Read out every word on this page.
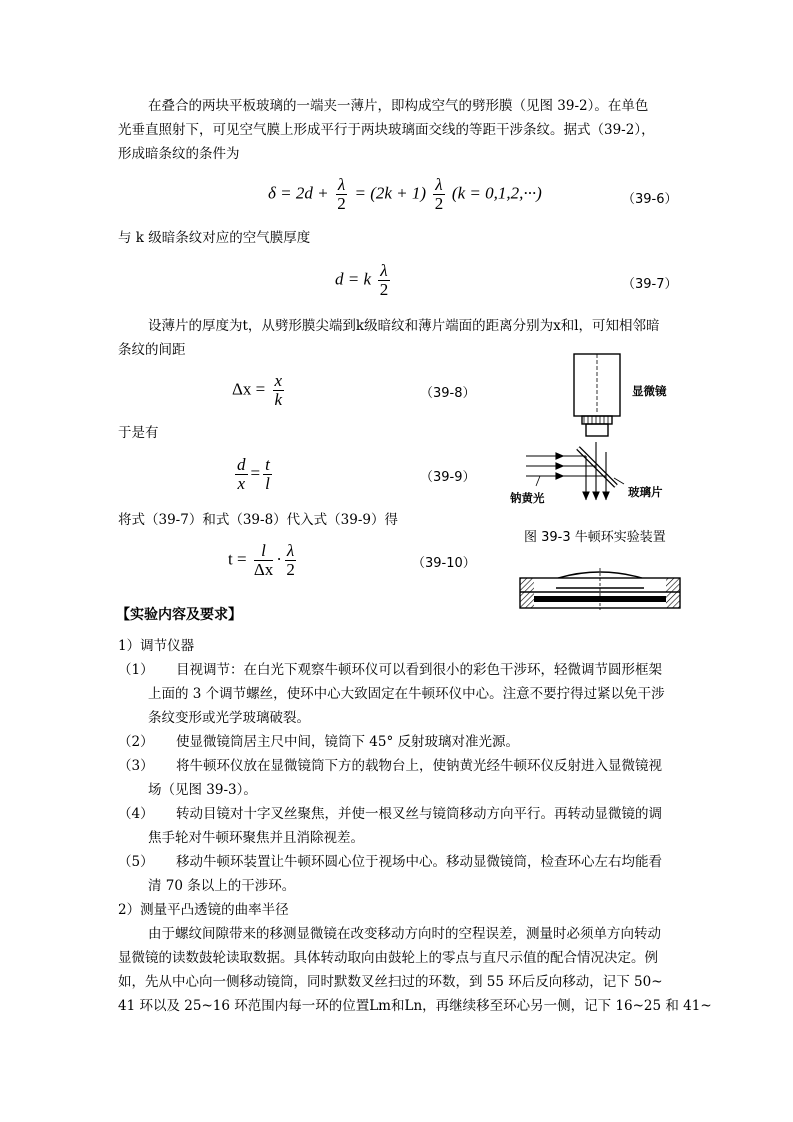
在叠合的两块平板玻璃的一端夹一薄片，即构成空气的劈形膜（见图 39-2）。在单色
光垂直照射下，可见空气膜上形成平行于两块玻璃面交线的等距干涉条纹。据式（39-2），
形成暗条纹的条件为
$\delta = 2d + \frac{\lambda}{2} = (2k + 1) \frac{\lambda}{2} (k = 0,1,2,\cdot\cdot\cdot)$	（39-6）
与 k 级暗条纹对应的空气膜厚度
d = k $\frac{\lambda}{2}$	（39-7）
设薄片的厚度为t，从劈形膜尖端到k级暗纹和薄片端面的距离分别为x和l，可知相邻暗
条纹的间距
$\Delta x = \frac{x}{k}$	（39-8）
于是有
$\frac{d}{x} = \frac{t}{l}$	（39-9）
将式（39-7）和式（39-8）代入式（39-9）得
$t = \frac{l}{\Delta x} \cdot \frac{\lambda}{2}$	（39-10）
显微镜
玻璃片
钠黄光
图 39-3 牛顿环实验装置
【实验内容及要求】
1）调节仪器
（1） 目视调节：在白光下观察牛顿环仪可以看到很小的彩色干涉环，轻微调节圆形框架
上面的 3 个调节螺丝，使环中心大致固定在牛顿环仪中心。注意不要拧得过紧以免干涉
条纹变形或光学玻璃破裂。
（2） 使显微镜筒居主尺中间，镜筒下 45° 反射玻璃对准光源。
（3） 将牛顿环仪放在显微镜筒下方的载物台上，使钠黄光经牛顿环仪反射进入显微镜视
场（见图 39-3）。
（4） 转动目镜对十字叉丝聚焦，并使一根叉丝与镜筒移动方向平行。再转动显微镜的调
焦手轮对牛顿环聚焦并且消除视差。
（5） 移动牛顿环装置让牛顿环圆心位于视场中心。移动显微镜筒，检查环心左右均能看
清 70 条以上的干涉环。
2）测量平凸透镜的曲率半径
由于螺纹间隙带来的移测显微镜在改变移动方向时的空程误差，测量时必须单方向转动
显微镜的读数鼓轮读取数据。具体转动取向由鼓轮上的零点与直尺示值的配合情况决定。例
如，先从中心向一侧移动镜筒，同时默数叉丝扫过的环数，到 55 环后反向移动，记下 50~
41 环以及 25~16 环范围内每一环的位置Lm和Ln，再继续移至环心另一侧，记下 16~25 和 41~
